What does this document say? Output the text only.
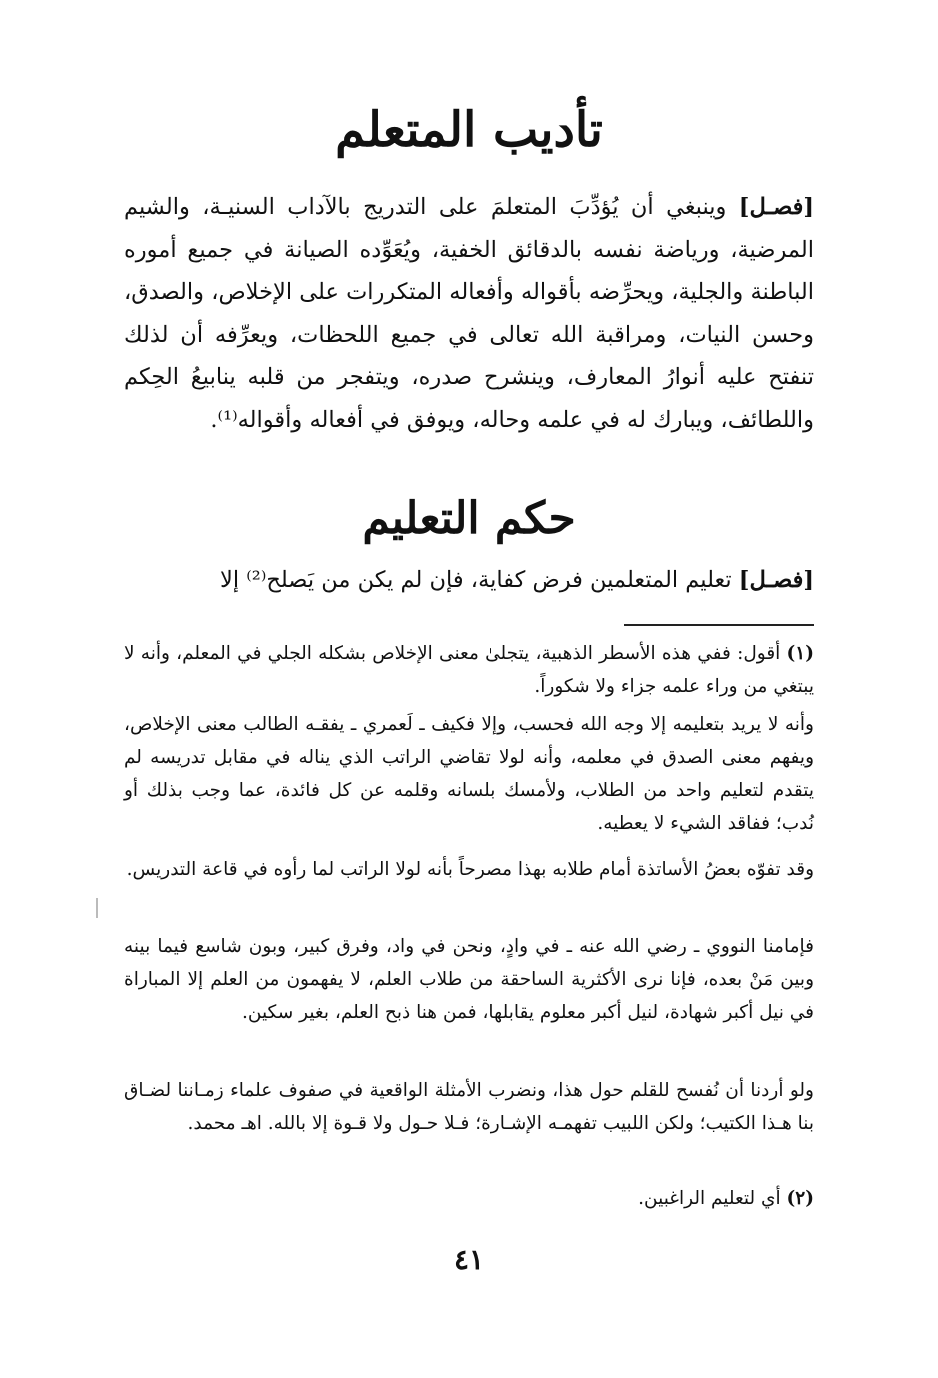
تأديب المتعلم

[فصـل] وينبغي أن يُؤدِّبَ المتعلمَ على التدريج بالآداب السنيـة، والشيم المرضية، ورياضة نفسه بالدقائق الخفية، ويُعَوِّده الصيانة في جميع أموره الباطنة والجلية، ويحرِّضه بأقواله وأفعاله المتكررات على الإخلاص، والصدق، وحسن النيات، ومراقبة الله تعالى في جميع اللحظات، ويعرِّفه أن لذلك تنفتح عليه أنوارُ المعارف، وينشرح صدره، ويتفجر من قلبه ينابيعُ الحِكم واللطائف، ويبارك له في علمه وحاله، ويوفق في أفعاله وأقواله⁽¹⁾.

حكم التعليم

[فصـل] تعليم المتعلمين فرض كفاية، فإن لم يكن من يَصلح⁽²⁾ إلا

(١) أقول: ففي هذه الأسطر الذهبية، يتجلىٰ معنى الإخلاص بشكله الجلي في المعلم، وأنه لا يبتغي من وراء علمه جزاء ولا شكوراً.

وأنه لا يريد بتعليمه إلا وجه الله فحسب، وإلا فكيف ـ لَعمري ـ يفقـه الطالب معنى الإخلاص، ويفهم معنى الصدق في معلمه، وأنه لولا تقاضي الراتب الذي يناله في مقابل تدريسه لم يتقدم لتعليم واحد من الطلاب، ولأمسك بلسانه وقلمه عن كل فائدة، عما وجب بذلك أو نُدب؛ ففاقد الشيء لا يعطيه.

وقد تفوّه بعضُ الأساتذة أمام طلابه بهذا مصرحاً بأنه لولا الراتب لما رأوه في قاعة التدريس.

فإمامنا النووي ـ رضي الله عنه ـ في وادٍ، ونحن في واد، وفرق كبير، وبون شاسع فيما بينه وبين مَنْ بعده، فإنا نرى الأكثرية الساحقة من طلاب العلم، لا يفهمون من العلم إلا المباراة في نيل أكبر شهادة، لنيل أكبر معلوم يقابلها، فمن هنا ذبح العلم، بغير سكين.

ولو أردنا أن نُفسح للقلم حول هذا، ونضرب الأمثلة الواقعية في صفوف علماء زمـاننا لضـاق بنا هـذا الكتيب؛ ولكن اللبيب تفهمـه الإشـارة؛ فـلا حـول ولا قـوة إلا بالله. اهـ محمد.

(٢) أي لتعليم الراغبين.

٤١
